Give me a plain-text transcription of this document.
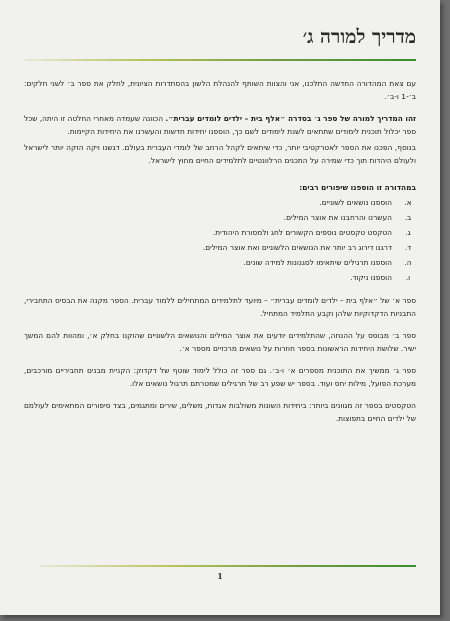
מדריך למורה ג׳

עם צאת המהדורה החדשה התלכנו, אני והצוות השותף להנהלת הלשון בהסתדרות הציונית, לחלק את ספר ב׳ לשני חלקים: ב׳-1 ו-ב׳.

זהו המדריך למורה של ספר ג׳ בסדרה ״אלף בית – ילדים לומדים עברית״. הכוונה שעמדה מאחרי החלטה זו היתה, שכל ספר יכלול תוכנית לימודים שתתאים לשנת לימודים לשם כך, הוספנו יחידות חדשות והעשרנו את היחידות הקיימות.

בנוסף, הפכנו את הספר לאטרקטיבי יותר, כדי שיתאים לקהל הרחב של לומדי העברית בעולם. דגשנו ויקה הזקה יותר לישראל ולעולם היהדות תוך כדי שמירה על התכנים הרלוונטיים לתלמידים החיים מחוץ לישראל.

במהדורה זו הוספנו שיפורים רבים:
א.
הוספנו נושאים לשוניים.
ב.
העשרנו והרחבנו את אוצר המילים.
ג.
הטקסט טקסטים נוספים הקשורים לחג ולמסורת היהודית.
ד.
דרגנו דירוג רב יותר את הנושאים הלשוניים ואת אוצר המילים.
ה.
הוספנו תרגילים שיתאימו לסגנונות למידה שונים.
ו.
הוספנו ניקוד.

ספר א׳ של ״אלף בית – ילדים לומדים עברית״ – מיועד לתלמידים המתחילים ללמוד עברית. הספר מקנה את הבסיס התחבירי, התבניות הדקדוקיות שלהן וקבע התלמיד המתחיל.

ספר ב׳ מבוסס על ההנחה, שהתלמידים יודעים את אוצר המילים והנושאים הלשוניים שהוקנו בחלק א׳, ומהוות להם המשך ישיר. שלושת היחידות הראשונות בספר חוזרות על נושאים מרכזיים מספר א׳.

ספר ג׳ ממשיך את התוכנית מספרים א׳ ו-ב׳. גם ספר זה כולל לימוד שוטף של דקדוק: הקניית מבנים תחביריים מורכבים, מערכת הפועל, מילות יחס ועוד. בספר יש שפע רב של תרגילים שמטרתם תרגול נושאים אלו.

הטקסטים בספר זה מגוונים ביותר: ביחידות השונות משולבות אגדות, משלים, שירים ומתגמים, בצד סיפורים המתאימים לעולמם של ילדים החיים בתפוצות.

1
